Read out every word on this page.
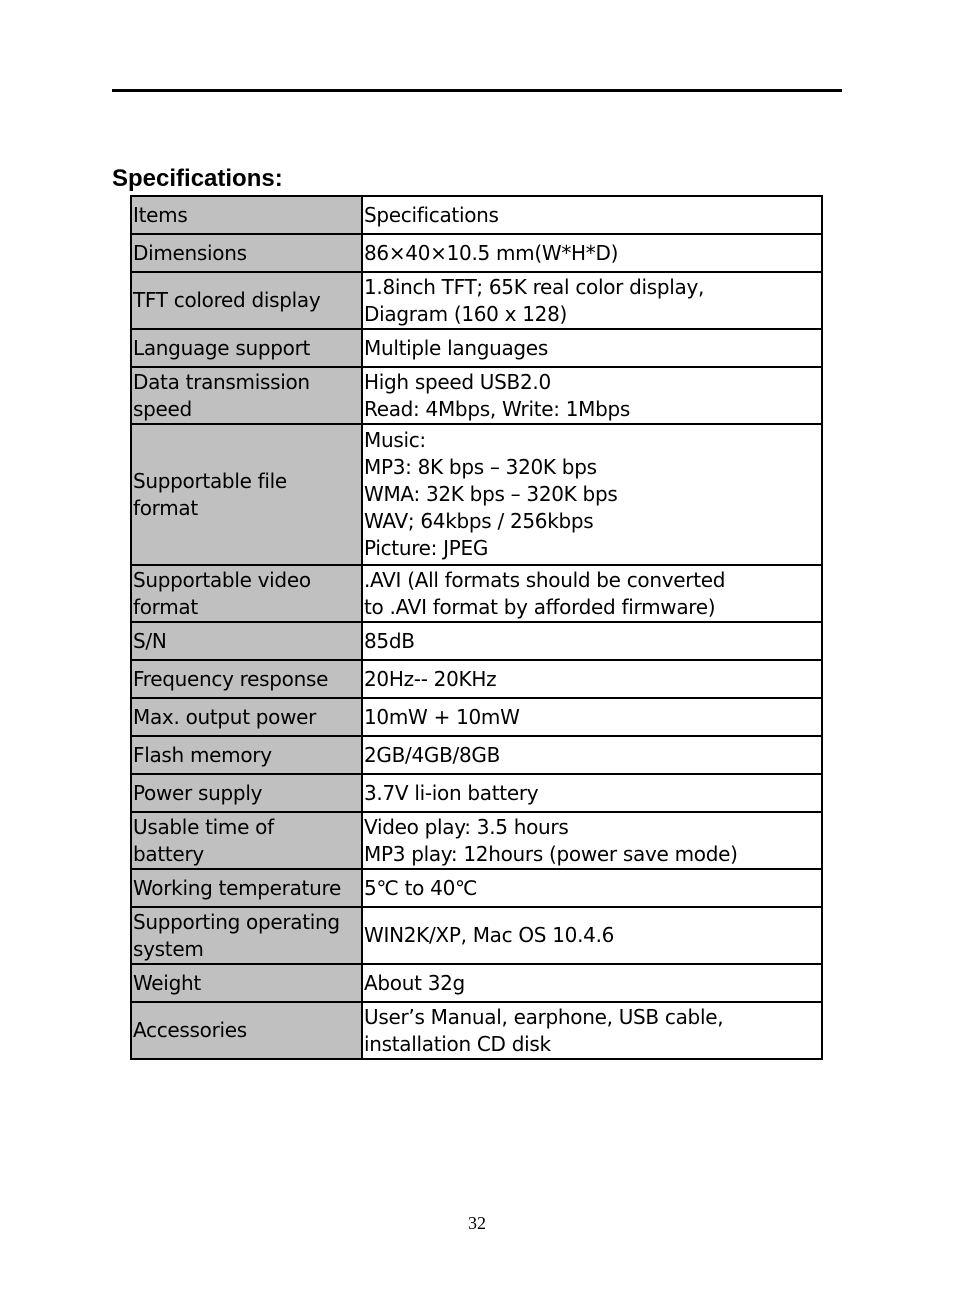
Specifications:
Items	Specifications
Dimensions	86×40×10.5 mm(W*H*D)
TFT colored display	1.8inch TFT; 65K real color display,
Diagram (160 x 128)
Language support	Multiple languages
Data transmission
speed	High speed USB2.0
Read: 4Mbps, Write: 1Mbps
Supportable file
format	Music:
MP3: 8K bps – 320K bps
WMA: 32K bps – 320K bps
WAV; 64kbps / 256kbps
Picture: JPEG
Supportable video
format	.AVI (All formats should be converted
to .AVI format by afforded firmware)
S/N	85dB
Frequency response	20Hz-- 20KHz
Max. output power	10mW + 10mW
Flash memory	2GB/4GB/8GB
Power supply	3.7V li-ion battery
Usable time of
battery	Video play: 3.5 hours
MP3 play: 12hours (power save mode)
Working temperature	5℃ to 40℃
Supporting operating
system	WIN2K/XP, Mac OS 10.4.6
Weight	About 32g
Accessories	User’s Manual, earphone, USB cable,
installation CD disk
32
